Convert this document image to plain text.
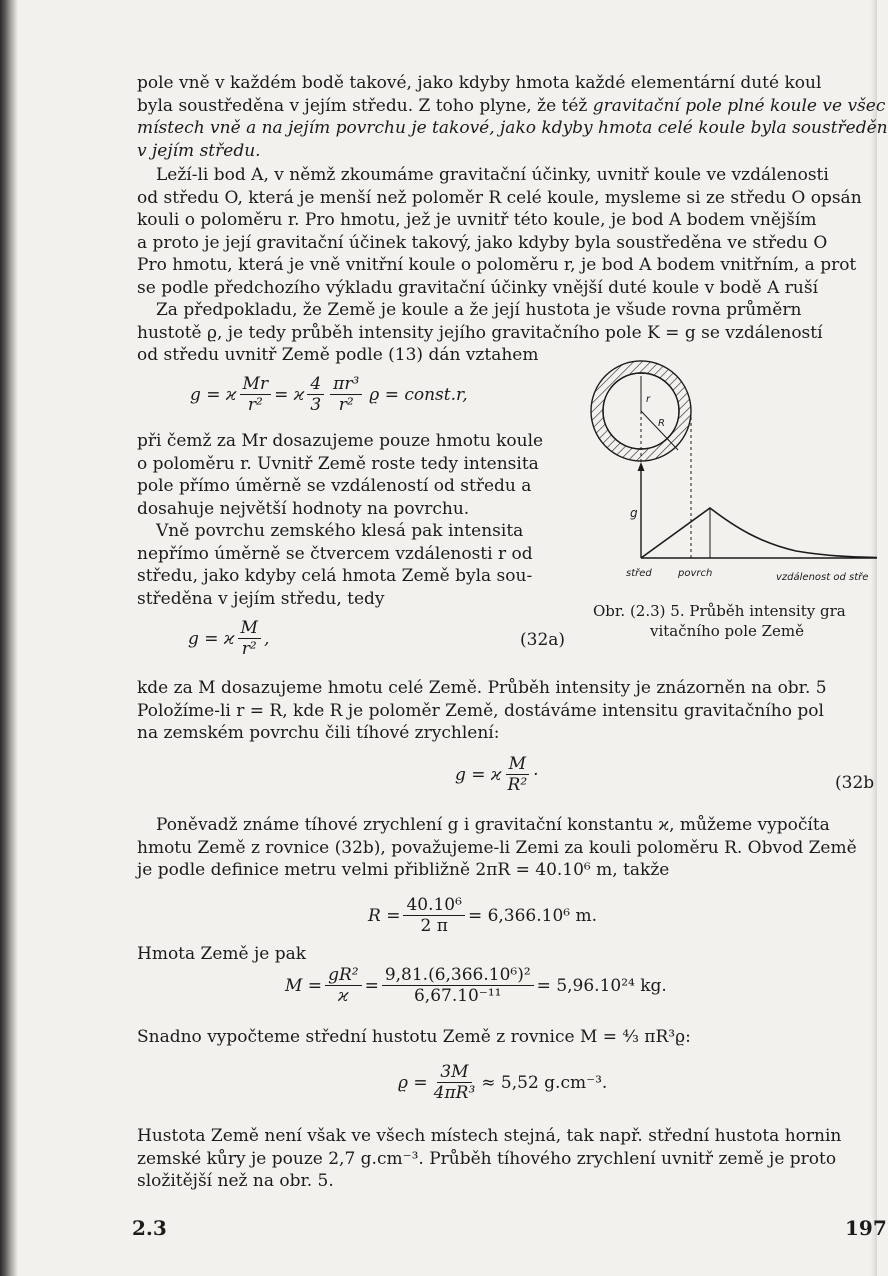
pole vně v každém bodě takové, jako kdyby hmota každé elementární duté koul
byla soustředěna v jejím středu. Z toho plyne, že též gravitační pole plné koule ve všec
místech vně a na jejím povrchu je takové, jako kdyby hmota celé koule byla soustředěn
v jejím středu.
Leží-li bod A, v němž zkoumáme gravitační účinky, uvnitř koule ve vzdálenosti
od středu O, která je menší než poloměr R celé koule, mysleme si ze středu O opsán
kouli o poloměru r. Pro hmotu, jež je uvnitř této koule, je bod A bodem vnějším
a proto je její gravitační účinek takový, jako kdyby byla soustředěna ve středu O
Pro hmotu, která je vně vnitřní koule o poloměru r, je bod A bodem vnitřním, a prot
se podle předchozího výkladu gravitační účinky vnější duté koule v bodě A ruší
Za předpokladu, že Země je koule a že její hustota je všude rovna průměrn
hustotě ϱ, je tedy průběh intensity jejího gravitačního pole K = g se vzdáleností
od středu uvnitř Země podle (13) dán vztahem
g = ϰ $\frac{Mr}{\text{r²}} = ϰ \frac{4}{3} \frac{\text{πr³}}{\text{r²}}$ ϱ = const.r,
při čemž za Mr dosazujeme pouze hmotu koule
o poloměru r. Uvnitř Země roste tedy intensita
pole přímo úměrně se vzdáleností od středu a
dosahuje největší hodnoty na povrchu.
Vně povrchu zemského klesá pak intensita
nepřímo úměrně se čtvercem vzdálenosti r od
středu, jako kdyby celá hmota Země byla sou-
středěna v jejím středu, tedy
g = ϰ $\frac{M}{\text{r²}}$ ,	(32a)
r
R
g
střed	povrch	vzdálenost od stře
Obr. (2.3) 5. Průběh intensity gra
vitačního pole Země
kde za M dosazujeme hmotu celé Země. Průběh intensity je znázorněn na obr. 5
Položíme-li r = R, kde R je poloměr Země, dostáváme intensitu gravitačního pol
na zemském povrchu čili tíhové zrychlení:
g = ϰ $\frac{M}{\text{R²}}$ ·	(32b
Poněvadž známe tíhové zrychlení g i gravitační konstantu ϰ, můžeme vypočíta
hmotu Země z rovnice (32b), považujeme-li Zemi za kouli poloměru R. Obvod Země
je podle definice metru velmi přibližně 2πR = 40.10⁶ m, takže
$R = \frac{\text{40.10⁶}}{2 \pi} = 6,366.10^6$ m.
Hmota Země je pak
$M = \frac{\text{gR²}}{ϰ} = \frac{\text{9,81.(6,366.10⁶)²}}{\text{6,67.10⁻¹¹}} = 5,96.10^{24}$ kg.
Snadno vypočteme střední hustotu Země z rovnice M = ⁴⁄₃ πR³ϱ:
$ϱ = \frac{3M}{\text{4πR³}} \approx 5,52$ g.cm⁻³.
Hustota Země není však ve všech místech stejná, tak např. střední hustota hornin
zemské kůry je pouze 2,7 g.cm⁻³. Průběh tíhového zrychlení uvnitř země je proto
složitější než na obr. 5.
2.3	197
